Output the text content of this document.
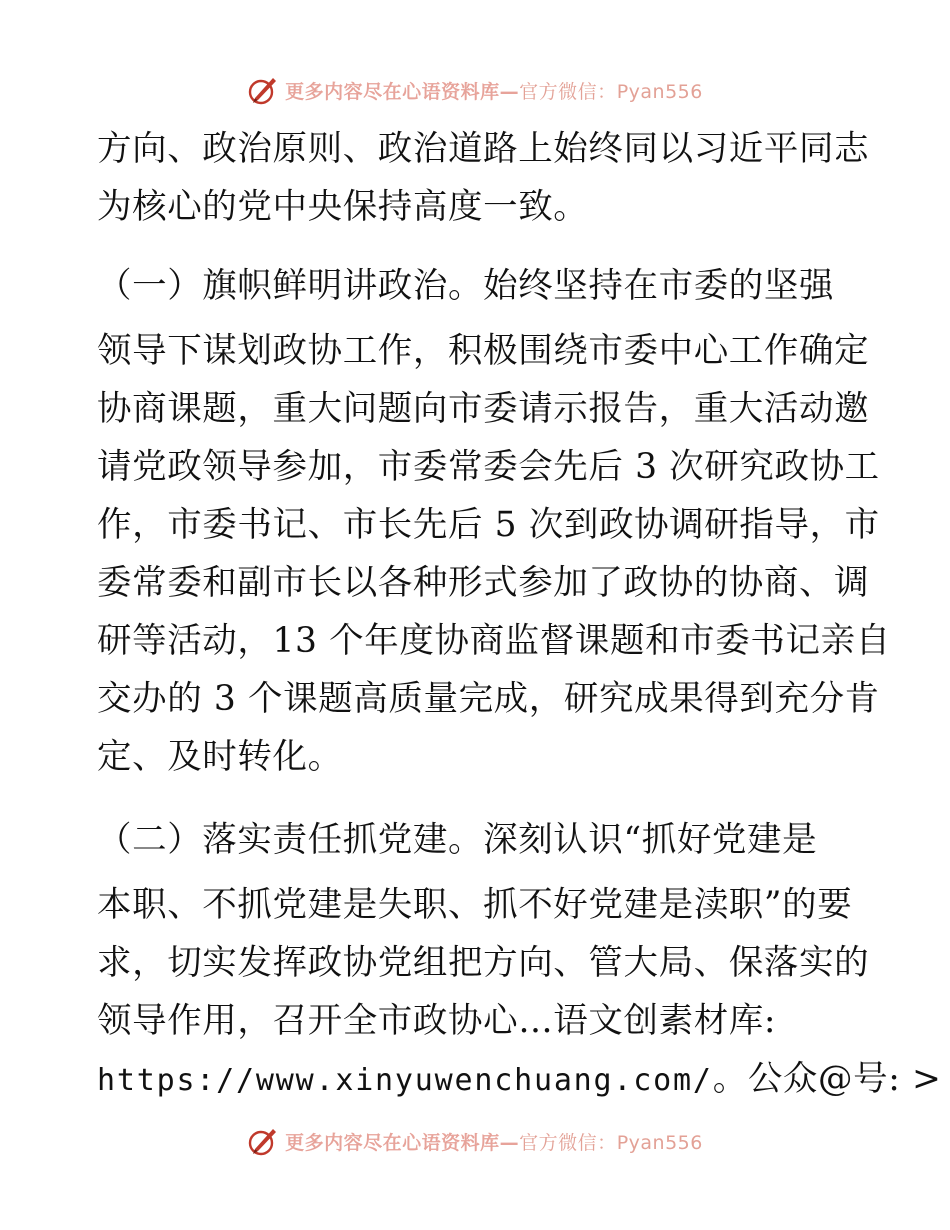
更多内容尽在心语资料库—官方微信：Pyan556
方向、政治原则、政治道路上始终同以习近平同志
为核心的党中央保持高度一致。
（一）旗帜鲜明讲政治。始终坚持在市委的坚强
领导下谋划政协工作，积极围绕市委中心工作确定
协商课题，重大问题向市委请示报告，重大活动邀
请党政领导参加，市委常委会先后 3 次研究政协工
作，市委书记、市长先后 5 次到政协调研指导，市
委常委和副市长以各种形式参加了政协的协商、调
研等活动，13 个年度协商监督课题和市委书记亲自
交办的 3 个课题高质量完成，研究成果得到充分肯
定、及时转化。
（二）落实责任抓党建。深刻认识“抓好党建是
本职、不抓党建是失职、抓不好党建是渎职”的要
求，切实发挥政协党组把方向、管大局、保落实的
领导作用，召开全市政协心…语文创素材库:
https://www.xinyuwenchuang.com/。公众@号: >
更多内容尽在心语资料库—官方微信：Pyan556
